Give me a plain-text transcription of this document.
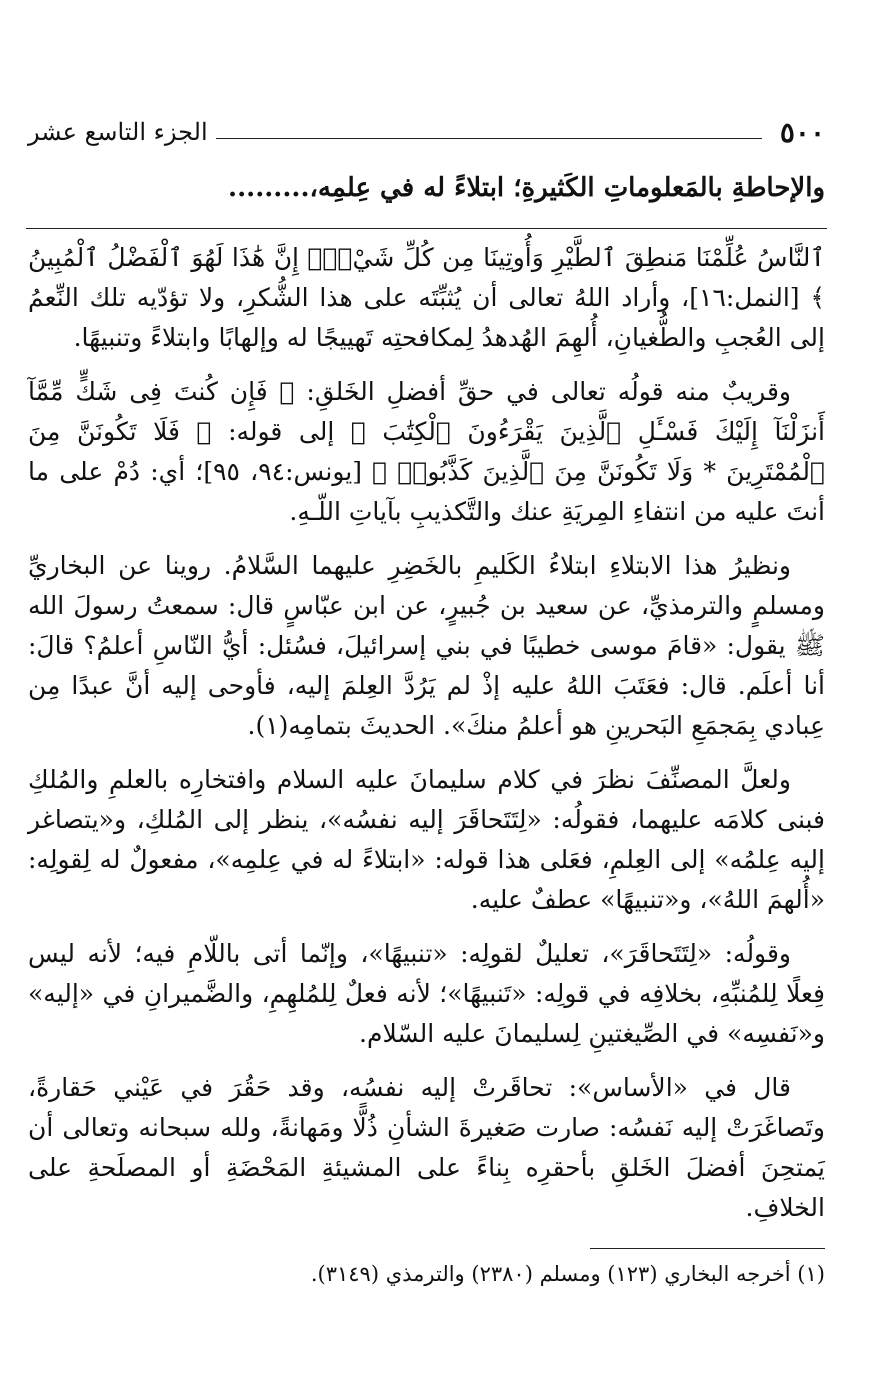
٥٠٠
الجزء التاسع عشر

والإحاطةِ بالمَعلوماتِ الكَثيرةِ؛ ابتلاءً له في عِلمِه،.........

ٱلنَّاسُ عُلِّمْنَا مَنطِقَ ٱلطَّيْرِ وَأُوتِينَا مِن كُلِّ شَيْءٍۖ إِنَّ هَٰذَا لَهُوَ ٱلْفَضْلُ ٱلْمُبِينُ ﴾ [النمل:١٦]، وأراد اللهُ تعالى أن يُثبِّتَه على هذا الشُّكرِ، ولا تؤدّيه تلك النِّعمُ إلى العُجبِ والطُّغيانِ، أُلهِمَ الهُدهدُ لِمكافحتِه تَهييجًا له وإلهابًا وابتلاءً وتنبيهًا.

وقريبٌ منه قولُه تعالى في حقِّ أفضلِ الخَلقِ: ﴿ فَإِن كُنتَ فِى شَكٍّ مِّمَّآ أَنزَلْنَآ إِلَيْكَ فَسْـَٔلِ ٱلَّذِينَ يَقْرَءُونَ ٱلْكِتَٰبَ ﴾ إلى قوله: ﴿ فَلَا تَكُونَنَّ مِنَ ٱلْمُمْتَرِينَ * وَلَا تَكُونَنَّ مِنَ ٱلَّذِينَ كَذَّبُوا۟ ﴾ [يونس:٩٤، ٩٥]؛ أي: دُمْ على ما أنتَ عليه من انتفاءِ المِريَةِ عنك والتَّكذيبِ بآياتِ اللّـهِ.

ونظيرُ هذا الابتلاءِ ابتلاءُ الكَليمِ بالخَضِرِ عليهما السَّلامُ. روينا عن البخاريِّ ومسلمٍ والترمذيِّ، عن سعيد بن جُبيرٍ، عن ابن عبّاسٍ قال: سمعتُ رسولَ الله ﷺ يقول: «قامَ موسى خطيبًا في بني إسرائيلَ، فسُئل: أيُّ النّاسِ أعلمُ؟ قالَ: أنا أعلَم. قال: فعَتَبَ اللهُ عليه إذْ لم يَرُدَّ العِلمَ إليه، فأوحى إليه أنَّ عبدًا مِن عِبادي بِمَجمَعِ البَحرينِ هو أعلمُ منكَ». الحديثَ بتمامِه(١).

ولعلَّ المصنِّفَ نظرَ في كلام سليمانَ عليه السلام وافتخارِه بالعلمِ والمُلكِ فبنى كلامَه عليهما، فقولُه: «لِتَتَحاقَرَ إليه نفسُه»، ينظر إلى المُلكِ، و«يتصاغر إليه عِلمُه» إلى العِلمِ، فعَلى هذا قوله: «ابتلاءً له في عِلمِه»، مفعولٌ له لِقولِه: «أُلهمَ اللهُ»، و«تنبيهًا» عطفٌ عليه.

وقولُه: «لِتَتَحاقَرَ»، تعليلٌ لقولِه: «تنبيهًا»، وإنّما أتى باللّامِ فيه؛ لأنه ليس فِعلًا لِلمُنبِّهِ، بخلافِه في قولِه: «تَنبيهًا»؛ لأنه فعلٌ لِلمُلهِمِ، والضَّميرانِ في «إليه» و«نَفسِه» في الصِّيغتينِ لِسليمانَ عليه السّلام.

قال في «الأساس»: تحاقَرتْ إليه نفسُه، وقد حَقُرَ في عَيْني حَقارةً، وتَصاغَرَتْ إليه نَفسُه: صارت صَغيرةَ الشأنِ ذُلًّا ومَهانةً، ولله سبحانه وتعالى أن يَمتحِنَ أفضلَ الخَلقِ بأحقرِه بِناءً على المشيئةِ المَحْضَةِ أو المصلَحةِ على الخلافِ.

(١) أخرجه البخاري (١٢٣) ومسلم (٢٣٨٠) والترمذي (٣١٤٩).
